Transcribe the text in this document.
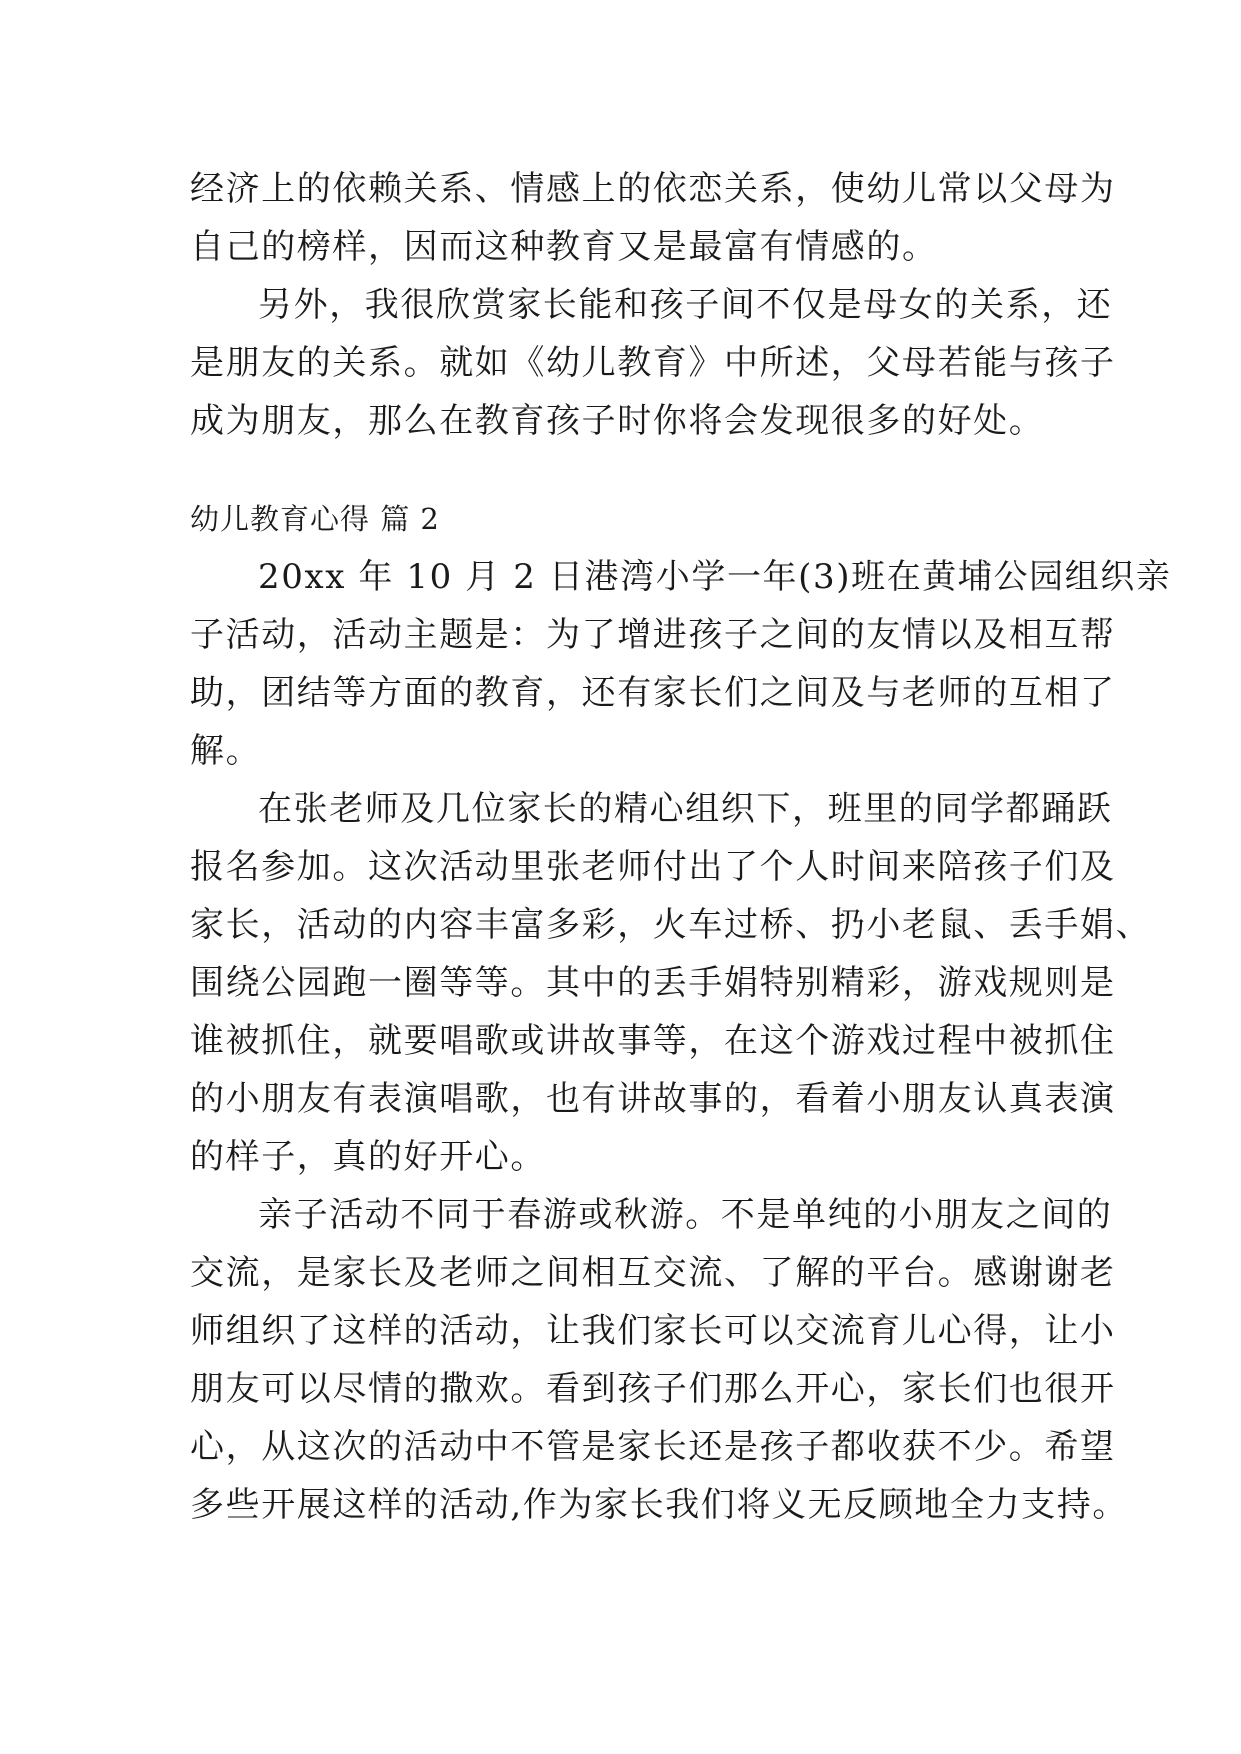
经济上的依赖关系、情感上的依恋关系，使幼儿常以父母为
自己的榜样，因而这种教育又是最富有情感的。
另外，我很欣赏家长能和孩子间不仅是母女的关系，还
是朋友的关系。就如《幼儿教育》中所述，父母若能与孩子
成为朋友，那么在教育孩子时你将会发现很多的好处。
幼儿教育心得 篇 2
20xx 年 10 月 2 日港湾小学一年(3)班在黄埔公园组织亲
子活动，活动主题是：为了增进孩子之间的友情以及相互帮
助，团结等方面的教育，还有家长们之间及与老师的互相了
解。
在张老师及几位家长的精心组织下，班里的同学都踊跃
报名参加。这次活动里张老师付出了个人时间来陪孩子们及
家长，活动的内容丰富多彩，火车过桥、扔小老鼠、丢手娟、
围绕公园跑一圈等等。其中的丢手娟特别精彩，游戏规则是
谁被抓住，就要唱歌或讲故事等，在这个游戏过程中被抓住
的小朋友有表演唱歌，也有讲故事的，看着小朋友认真表演
的样子，真的好开心。
亲子活动不同于春游或秋游。不是单纯的小朋友之间的
交流，是家长及老师之间相互交流、了解的平台。感谢谢老
师组织了这样的活动，让我们家长可以交流育儿心得，让小
朋友可以尽情的撒欢。看到孩子们那么开心，家长们也很开
心，从这次的活动中不管是家长还是孩子都收获不少。希望
多些开展这样的活动,作为家长我们将义无反顾地全力支持。
